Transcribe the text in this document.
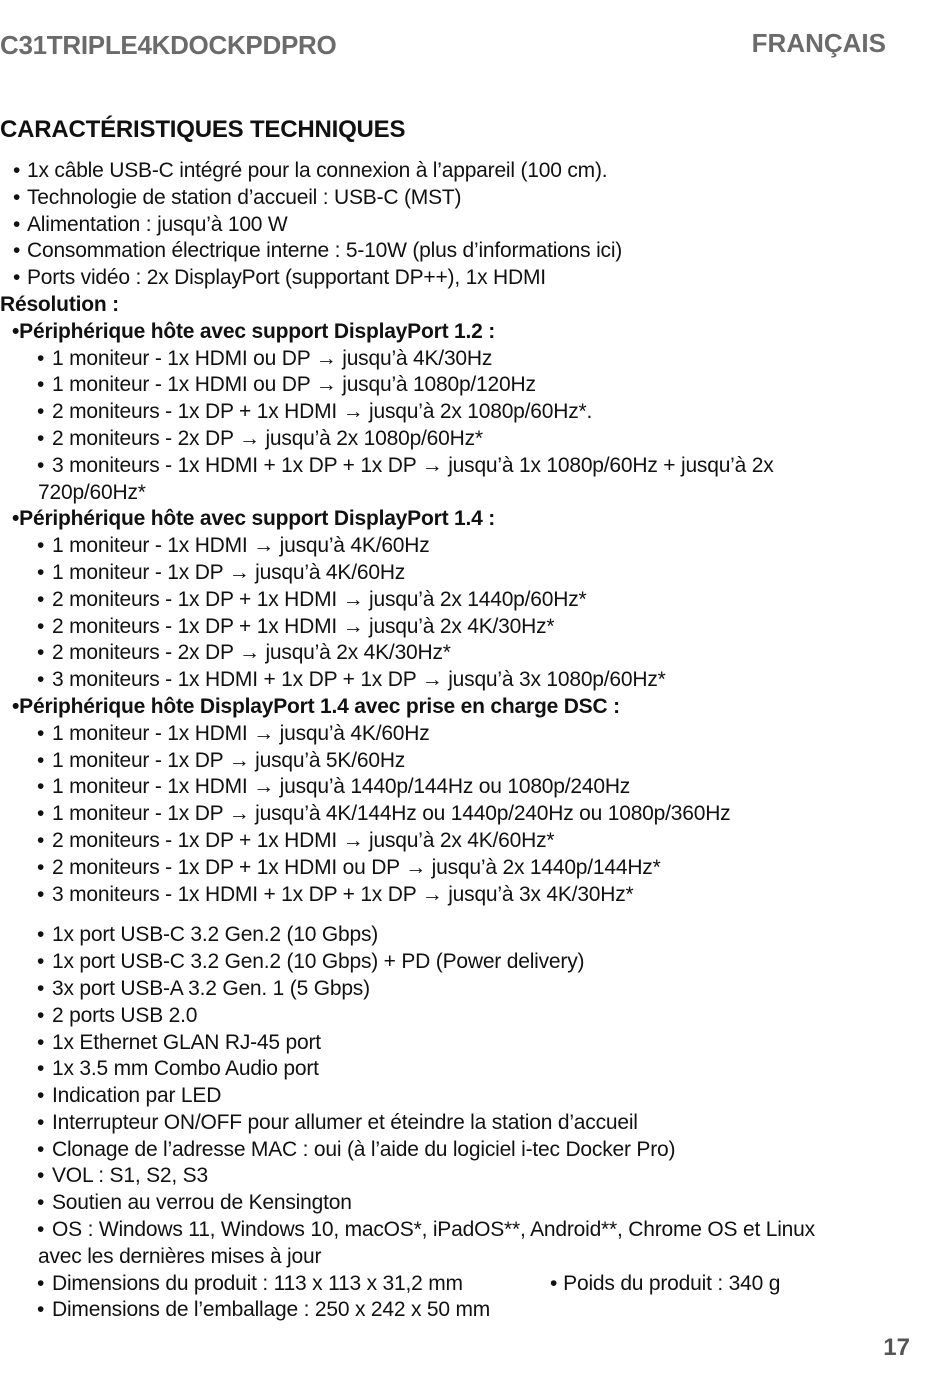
C31TRIPLE4KDOCKPDPRO	FRANÇAIS
CARACTÉRISTIQUES TECHNIQUES
• 1x câble USB-C intégré pour la connexion à l’appareil (100 cm).
• Technologie de station d’accueil : USB-C (MST)
• Alimentation : jusqu’à 100 W
• Consommation électrique interne : 5-10W (plus d’informations ici)
• Ports vidéo : 2x DisplayPort (supportant DP++), 1x HDMI
Résolution :
•Périphérique hôte avec support DisplayPort 1.2 :
• 1 moniteur - 1x HDMI ou DP → jusqu’à 4K/30Hz
• 1 moniteur - 1x HDMI ou DP → jusqu’à 1080p/120Hz
• 2 moniteurs - 1x DP + 1x HDMI → jusqu’à 2x 1080p/60Hz*.
• 2 moniteurs - 2x DP → jusqu’à 2x 1080p/60Hz*
• 3 moniteurs - 1x HDMI + 1x DP + 1x DP → jusqu’à 1x 1080p/60Hz + jusqu’à 2x 720p/60Hz*
•Périphérique hôte avec support DisplayPort 1.4 :
• 1 moniteur - 1x HDMI → jusqu’à 4K/60Hz
• 1 moniteur - 1x DP → jusqu’à 4K/60Hz
• 2 moniteurs - 1x DP + 1x HDMI → jusqu’à 2x 1440p/60Hz*
• 2 moniteurs - 1x DP + 1x HDMI → jusqu’à 2x 4K/30Hz*
• 2 moniteurs - 2x DP → jusqu’à 2x 4K/30Hz*
• 3 moniteurs - 1x HDMI + 1x DP + 1x DP → jusqu’à 3x 1080p/60Hz*
•Périphérique hôte DisplayPort 1.4 avec prise en charge DSC :
• 1 moniteur - 1x HDMI → jusqu’à 4K/60Hz
• 1 moniteur - 1x DP → jusqu’à 5K/60Hz
• 1 moniteur - 1x HDMI → jusqu’à 1440p/144Hz ou 1080p/240Hz
• 1 moniteur - 1x DP → jusqu’à 4K/144Hz ou 1440p/240Hz ou 1080p/360Hz
• 2 moniteurs - 1x DP + 1x HDMI → jusqu’à 2x 4K/60Hz*
• 2 moniteurs - 1x DP + 1x HDMI ou DP → jusqu’à 2x 1440p/144Hz*
• 3 moniteurs - 1x HDMI + 1x DP + 1x DP → jusqu’à 3x 4K/30Hz*
• 1x port USB-C 3.2 Gen.2 (10 Gbps)
• 1x port USB-C 3.2 Gen.2 (10 Gbps) + PD (Power delivery)
• 3x port USB-A 3.2 Gen. 1 (5 Gbps)
• 2 ports USB 2.0
• 1x Ethernet GLAN RJ-45 port
• 1x 3.5 mm Combo Audio port
• Indication par LED
• Interrupteur ON/OFF pour allumer et éteindre la station d’accueil
• Clonage de l’adresse MAC : oui (à l’aide du logiciel i-tec Docker Pro)
• VOL : S1, S2, S3
• Soutien au verrou de Kensington
• OS : Windows 11, Windows 10, macOS*, iPadOS**, Android**, Chrome OS et Linux avec les dernières mises à jour
• Dimensions du produit : 113 x 113 x 31,2 mm
•	Poids du produit : 340 g
• Dimensions de l’emballage : 250 x 242 x 50 mm
17
